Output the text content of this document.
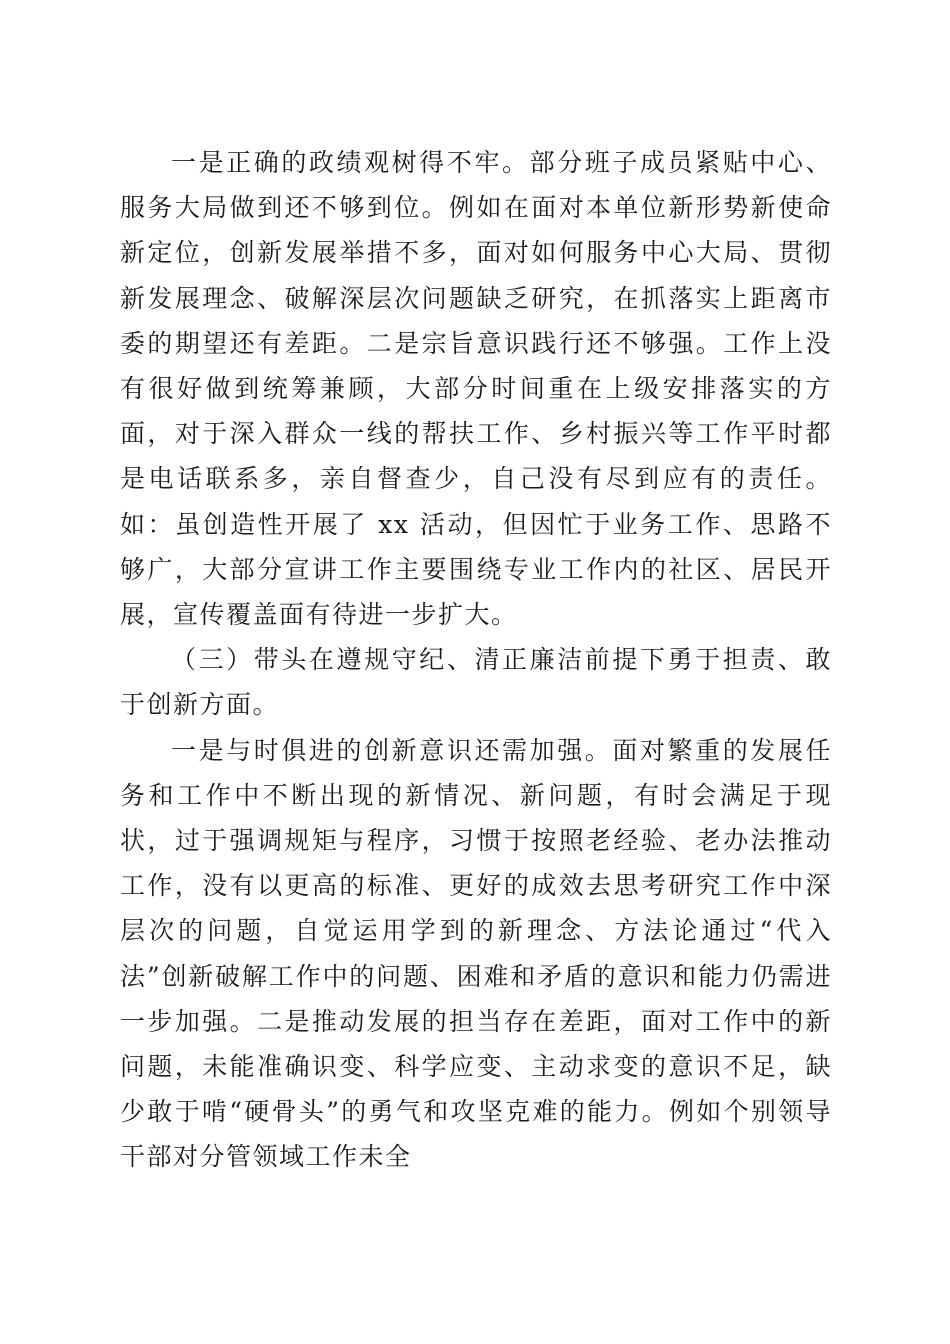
一是正确的政绩观树得不牢。部分班子成员紧贴中心、服务大局做到还不够到位。例如在面对本单位新形势新使命新定位，创新发展举措不多，面对如何服务中心大局、贯彻新发展理念、破解深层次问题缺乏研究，在抓落实上距离市委的期望还有差距。二是宗旨意识践行还不够强。工作上没有很好做到统筹兼顾，大部分时间重在上级安排落实的方面，对于深入群众一线的帮扶工作、乡村振兴等工作平时都是电话联系多，亲自督查少，自己没有尽到应有的责任。如：虽创造性开展了 xx 活动，但因忙于业务工作、思路不够广，大部分宣讲工作主要围绕专业工作内的社区、居民开展，宣传覆盖面有待进一步扩大。

（三）带头在遵规守纪、清正廉洁前提下勇于担责、敢于创新方面。

一是与时俱进的创新意识还需加强。面对繁重的发展任务和工作中不断出现的新情况、新问题，有时会满足于现状，过于强调规矩与程序，习惯于按照老经验、老办法推动工作，没有以更高的标准、更好的成效去思考研究工作中深层次的问题，自觉运用学到的新理念、方法论通过“代入法”创新破解工作中的问题、困难和矛盾的意识和能力仍需进一步加强。二是推动发展的担当存在差距，面对工作中的新问题，未能准确识变、科学应变、主动求变的意识不足，缺少敢于啃“硬骨头”的勇气和攻坚克难的能力。例如个别领导干部对分管领域工作未全
